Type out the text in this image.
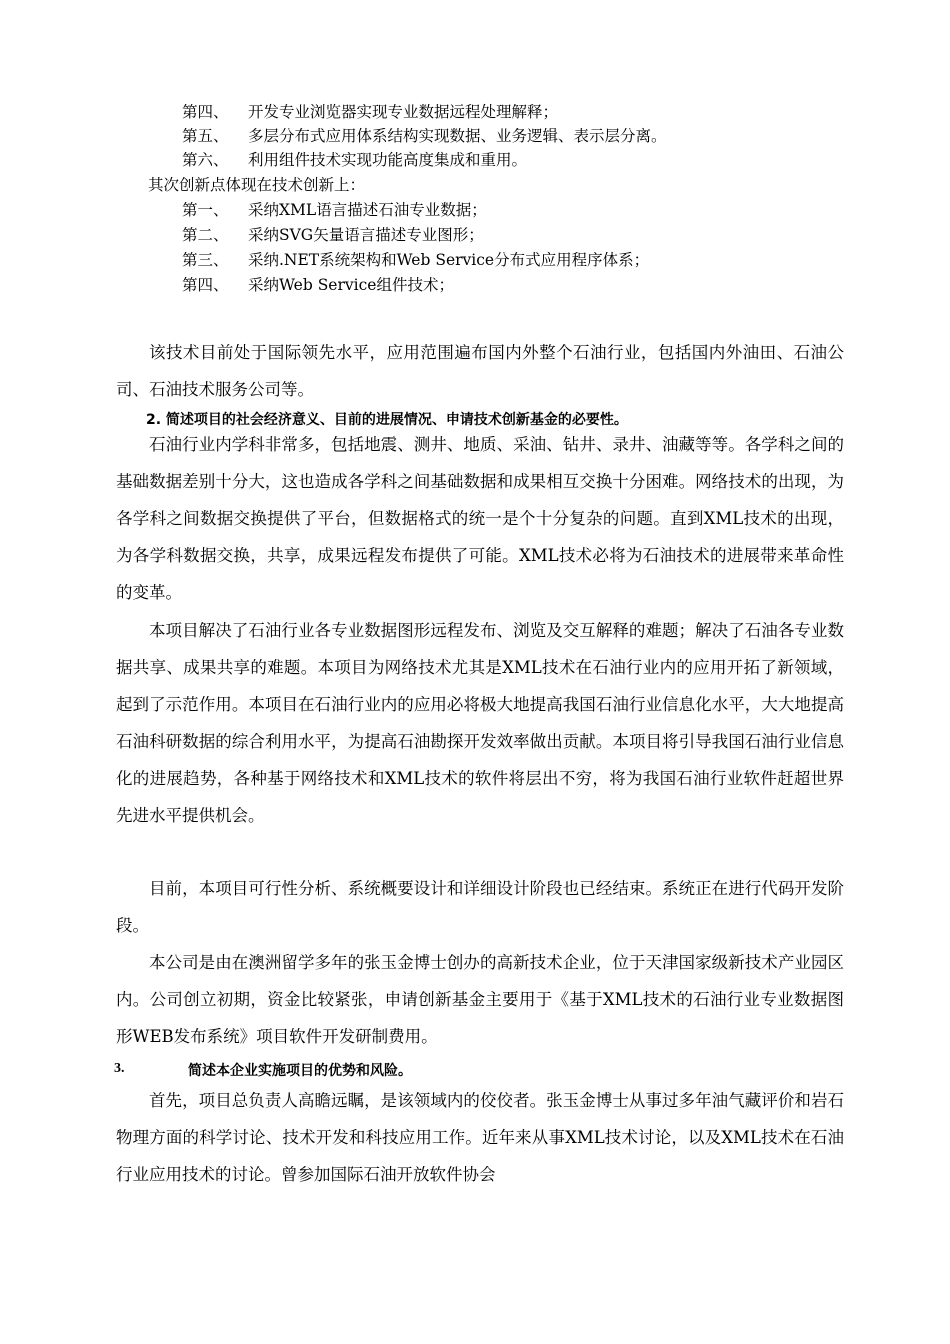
第四、 开发专业浏览器实现专业数据远程处理解释；
第五、 多层分布式应用体系结构实现数据、业务逻辑、表示层分离。
第六、 利用组件技术实现功能高度集成和重用。
其次创新点体现在技术创新上：
第一、 采纳XML语言描述石油专业数据；
第二、 采纳SVG矢量语言描述专业图形；
第三、 采纳.NET系统架构和Web Service分布式应用程序体系；
第四、 采纳Web Service组件技术；

该技术目前处于国际领先水平，应用范围遍布国内外整个石油行业，包括国内外油田、石油公司、石油技术服务公司等。

2. 简述项目的社会经济意义、目前的进展情况、申请技术创新基金的必要性。

石油行业内学科非常多，包括地震、测井、地质、采油、钻井、录井、油藏等等。各学科之间的基础数据差别十分大，这也造成各学科之间基础数据和成果相互交换十分困难。网络技术的出现，为各学科之间数据交换提供了平台，但数据格式的统一是个十分复杂的问题。直到XML技术的出现，为各学科数据交换，共享，成果远程发布提供了可能。XML技术必将为石油技术的进展带来革命性的变革。

本项目解决了石油行业各专业数据图形远程发布、浏览及交互解释的难题；解决了石油各专业数据共享、成果共享的难题。本项目为网络技术尤其是XML技术在石油行业内的应用开拓了新领域，起到了示范作用。本项目在石油行业内的应用必将极大地提高我国石油行业信息化水平，大大地提高石油科研数据的综合利用水平，为提高石油勘探开发效率做出贡献。本项目将引导我国石油行业信息化的进展趋势，各种基于网络技术和XML技术的软件将层出不穷，将为我国石油行业软件赶超世界先进水平提供机会。

目前，本项目可行性分析、系统概要设计和详细设计阶段也已经结束。系统正在进行代码开发阶段。

本公司是由在澳洲留学多年的张玉金博士创办的高新技术企业，位于天津国家级新技术产业园区内。公司创立初期，资金比较紧张，申请创新基金主要用于《基于XML技术的石油行业专业数据图形WEB发布系统》项目软件开发研制费用。

3.	简述本企业实施项目的优势和风险。

首先，项目总负责人高瞻远瞩，是该领域内的佼佼者。张玉金博士从事过多年油气藏评价和岩石物理方面的科学讨论、技术开发和科技应用工作。近年来从事XML技术讨论，以及XML技术在石油行业应用技术的讨论。曾参加国际石油开放软件协会
